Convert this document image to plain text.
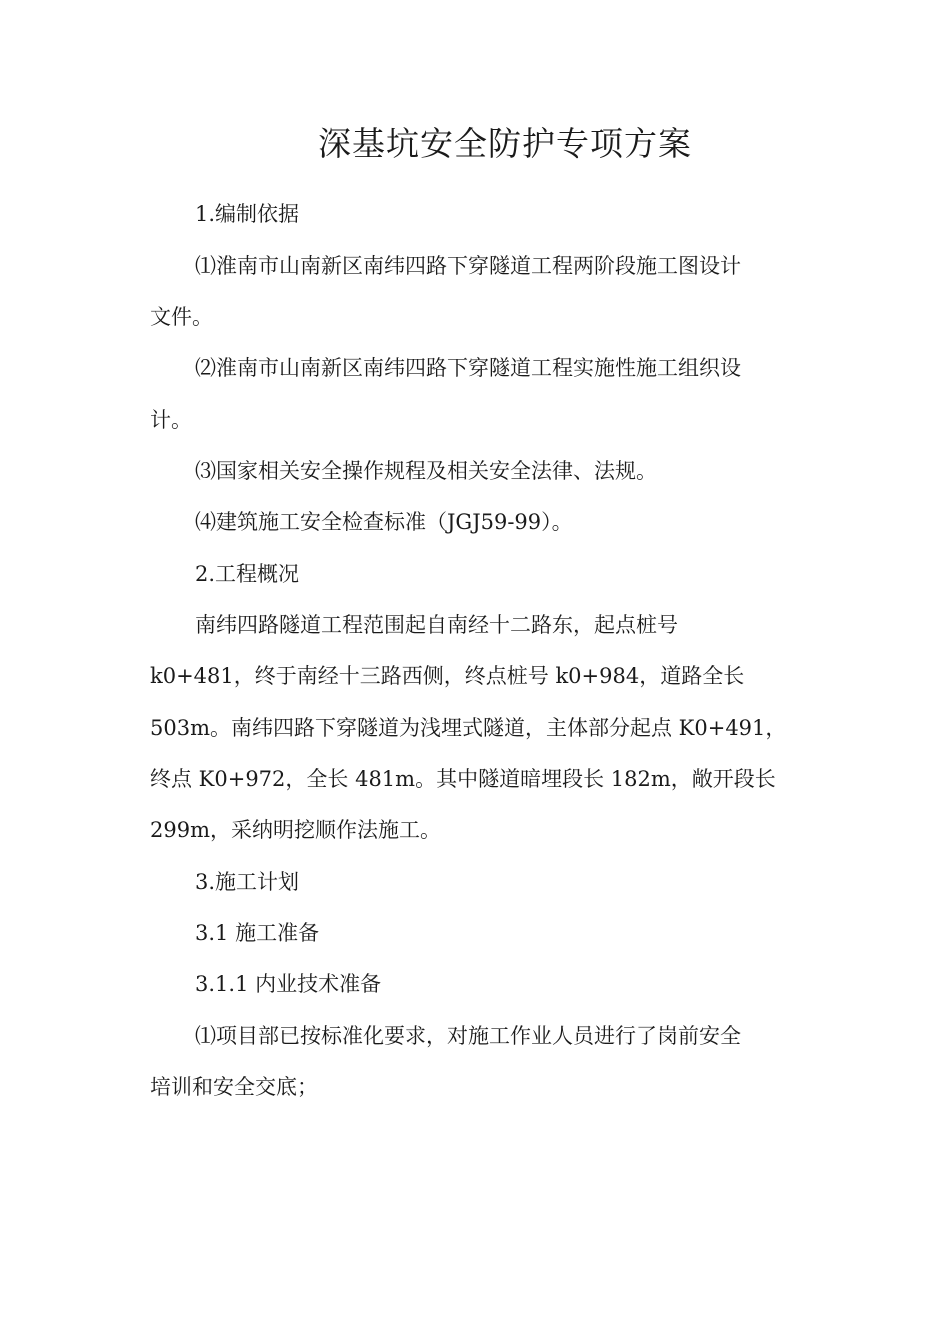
深基坑安全防护专项方案

1.编制依据

⑴淮南市山南新区南纬四路下穿隧道工程两阶段施工图设计

文件。

⑵淮南市山南新区南纬四路下穿隧道工程实施性施工组织设

计。

⑶国家相关安全操作规程及相关安全法律、法规。

⑷建筑施工安全检查标准（JGJ59-99）。

2.工程概况

南纬四路隧道工程范围起自南经十二路东，起点桩号

k0+481，终于南经十三路西侧，终点桩号 k0+984，道路全长

503m。南纬四路下穿隧道为浅埋式隧道，主体部分起点 K0+491，

终点 K0+972，全长 481m。其中隧道暗埋段长 182m，敞开段长

299m，采纳明挖顺作法施工。

3.施工计划

3.1 施工准备

3.1.1 内业技术准备

⑴项目部已按标准化要求，对施工作业人员进行了岗前安全

培训和安全交底；
